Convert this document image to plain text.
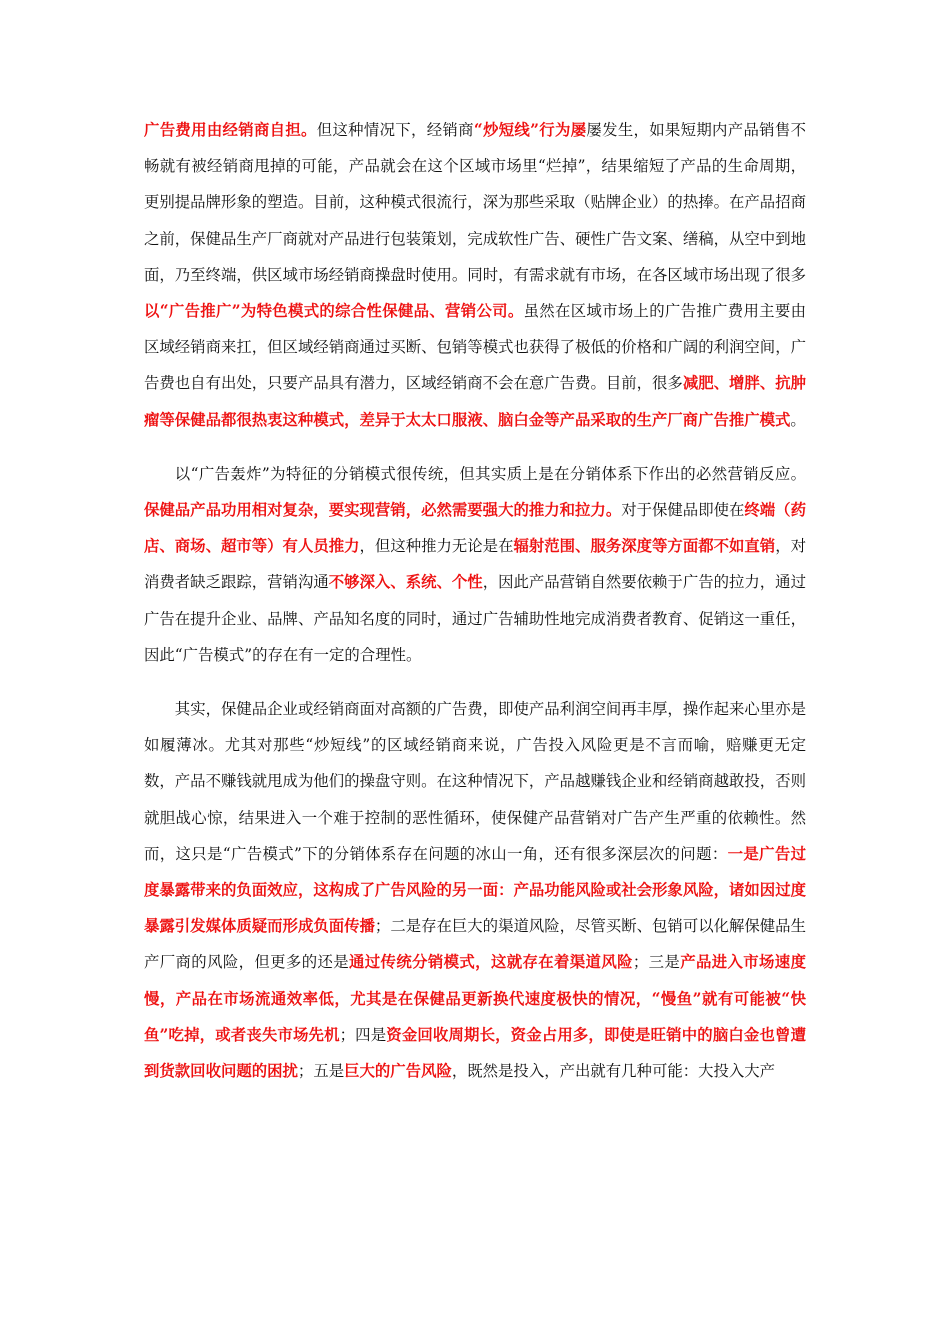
广告费用由经销商自担。但这种情况下，经销商“炒短线”行为屡屡发生，如果短期内产品销售不畅就有被经销商甩掉的可能，产品就会在这个区域市场里“烂掉”，结果缩短了产品的生命周期，更别提品牌形象的塑造。目前，这种模式很流行，深为那些采取（贴牌企业）的热捧。在产品招商之前，保健品生产厂商就对产品进行包装策划，完成软性广告、硬性广告文案、缮稿，从空中到地面，乃至终端，供区域市场经销商操盘时使用。同时，有需求就有市场，在各区域市场出现了很多以“广告推广”为特色模式的综合性保健品、营销公司。虽然在区域市场上的广告推广费用主要由区域经销商来扛，但区域经销商通过买断、包销等模式也获得了极低的价格和广阔的利润空间，广告费也自有出处，只要产品具有潜力，区域经销商不会在意广告费。目前，很多减肥、增胖、抗肿瘤等保健品都很热衷这种模式，差异于太太口服液、脑白金等产品采取的生产厂商广告推广模式。

以“广告轰炸”为特征的分销模式很传统，但其实质上是在分销体系下作出的必然营销反应。保健品产品功用相对复杂，要实现营销，必然需要强大的推力和拉力。对于保健品即使在终端（药店、商场、超市等）有人员推力，但这种推力无论是在辐射范围、服务深度等方面都不如直销，对消费者缺乏跟踪，营销沟通不够深入、系统、个性，因此产品营销自然要依赖于广告的拉力，通过广告在提升企业、品牌、产品知名度的同时，通过广告辅助性地完成消费者教育、促销这一重任，因此“广告模式”的存在有一定的合理性。

其实，保健品企业或经销商面对高额的广告费，即使产品利润空间再丰厚，操作起来心里亦是如履薄冰。尤其对那些“炒短线”的区域经销商来说，广告投入风险更是不言而喻，赔赚更无定数，产品不赚钱就甩成为他们的操盘守则。在这种情况下，产品越赚钱企业和经销商越敢投，否则就胆战心惊，结果进入一个难于控制的恶性循环，使保健产品营销对广告产生严重的依赖性。然而，这只是“广告模式”下的分销体系存在问题的冰山一角，还有很多深层次的问题：一是广告过度暴露带来的负面效应，这构成了广告风险的另一面：产品功能风险或社会形象风险，诸如因过度暴露引发媒体质疑而形成负面传播；二是存在巨大的渠道风险，尽管买断、包销可以化解保健品生产厂商的风险，但更多的还是通过传统分销模式，这就存在着渠道风险；三是产品进入市场速度慢，产品在市场流通效率低，尤其是在保健品更新换代速度极快的情况，“慢鱼”就有可能被“快鱼”吃掉，或者丧失市场先机；四是资金回收周期长，资金占用多，即使是旺销中的脑白金也曾遭到货款回收问题的困扰；五是巨大的广告风险，既然是投入，产出就有几种可能：大投入大产
